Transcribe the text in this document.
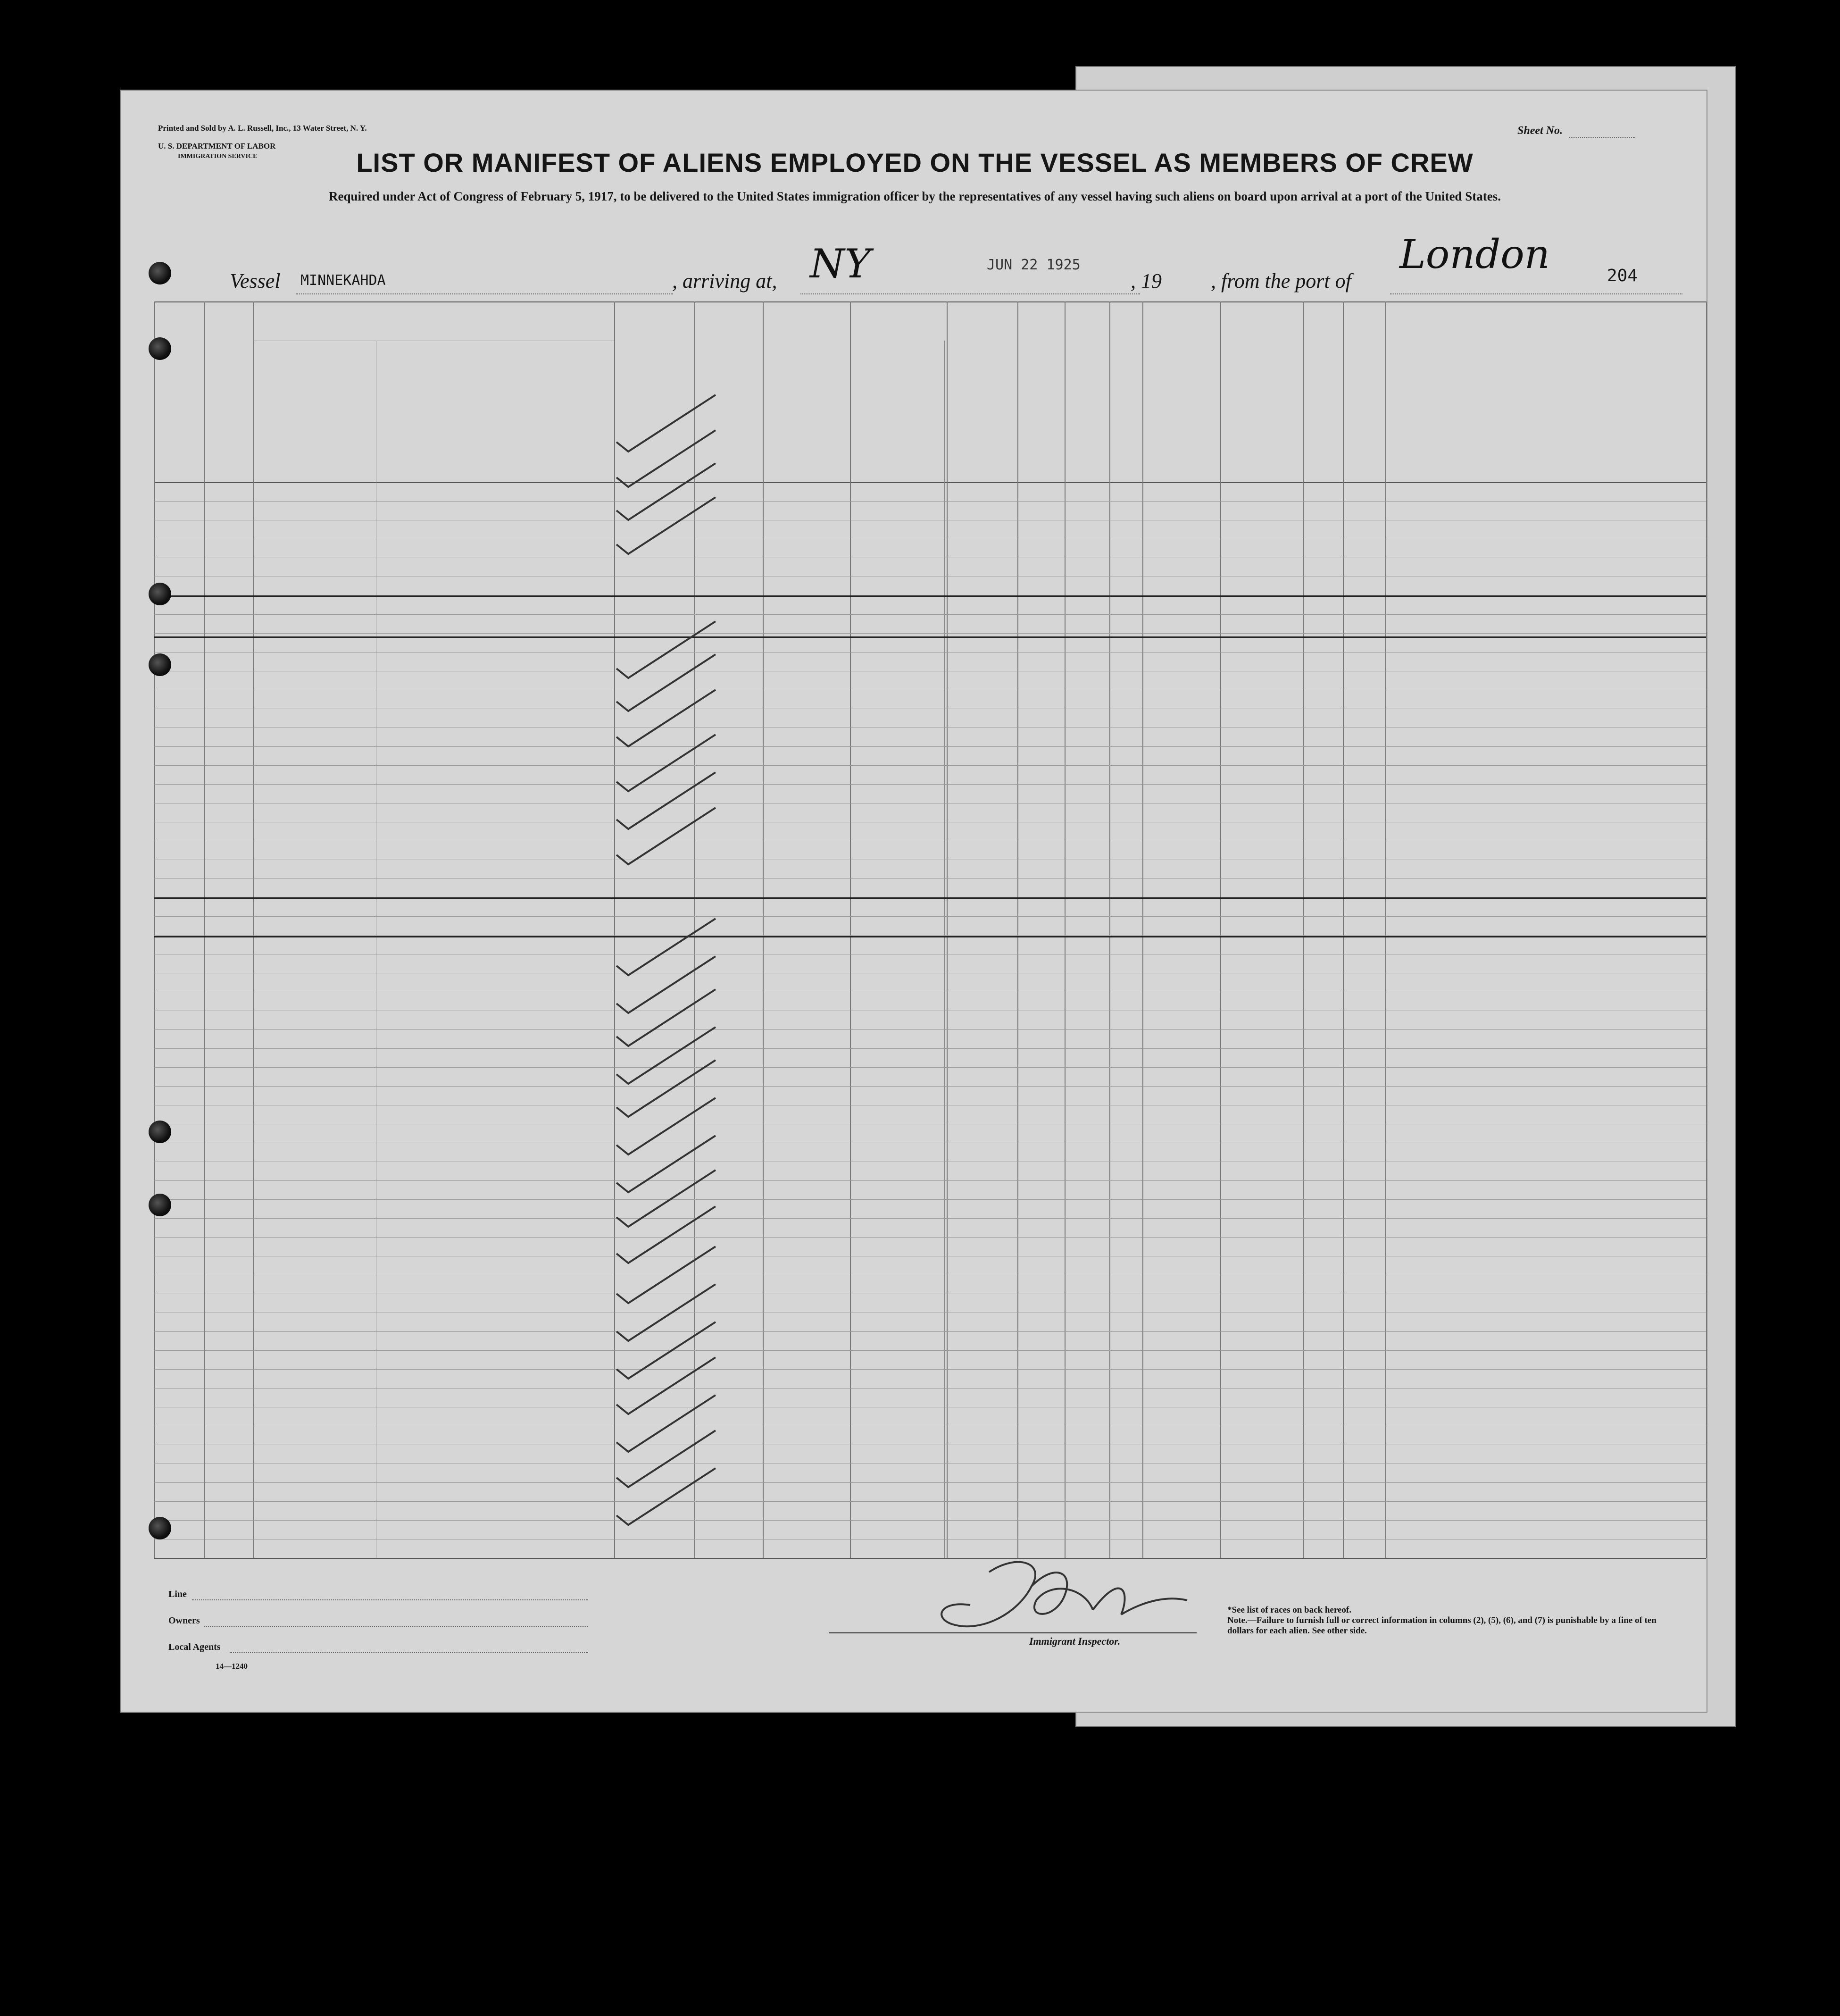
Printed and Sold by A. L. Russell, Inc., 13 Water Street, N. Y.
U. S. DEPARTMENT OF LABOR
IMMIGRATION SERVICE
Sheet No.
LIST OR MANIFEST OF ALIENS EMPLOYED ON THE VESSEL AS MEMBERS OF CREW
Required under Act of Congress of February 5, 1917, to be delivered to the United States immigration officer by the representatives of any vessel having such aliens on board upon arrival at a port of the United States.
Vessel MINNEKAHDA	, arriving at, NY	JUN 22 1925
, 19 , from the port of
London	204
Line
Owners
Local Agents
14—1240
Immigrant Inspector.
*See list of races on back hereof.
Note.—Failure to furnish full or correct information in columns (2), (5), (6), and (7) is punishable by a fine of ten dollars for each alien. See other side.
